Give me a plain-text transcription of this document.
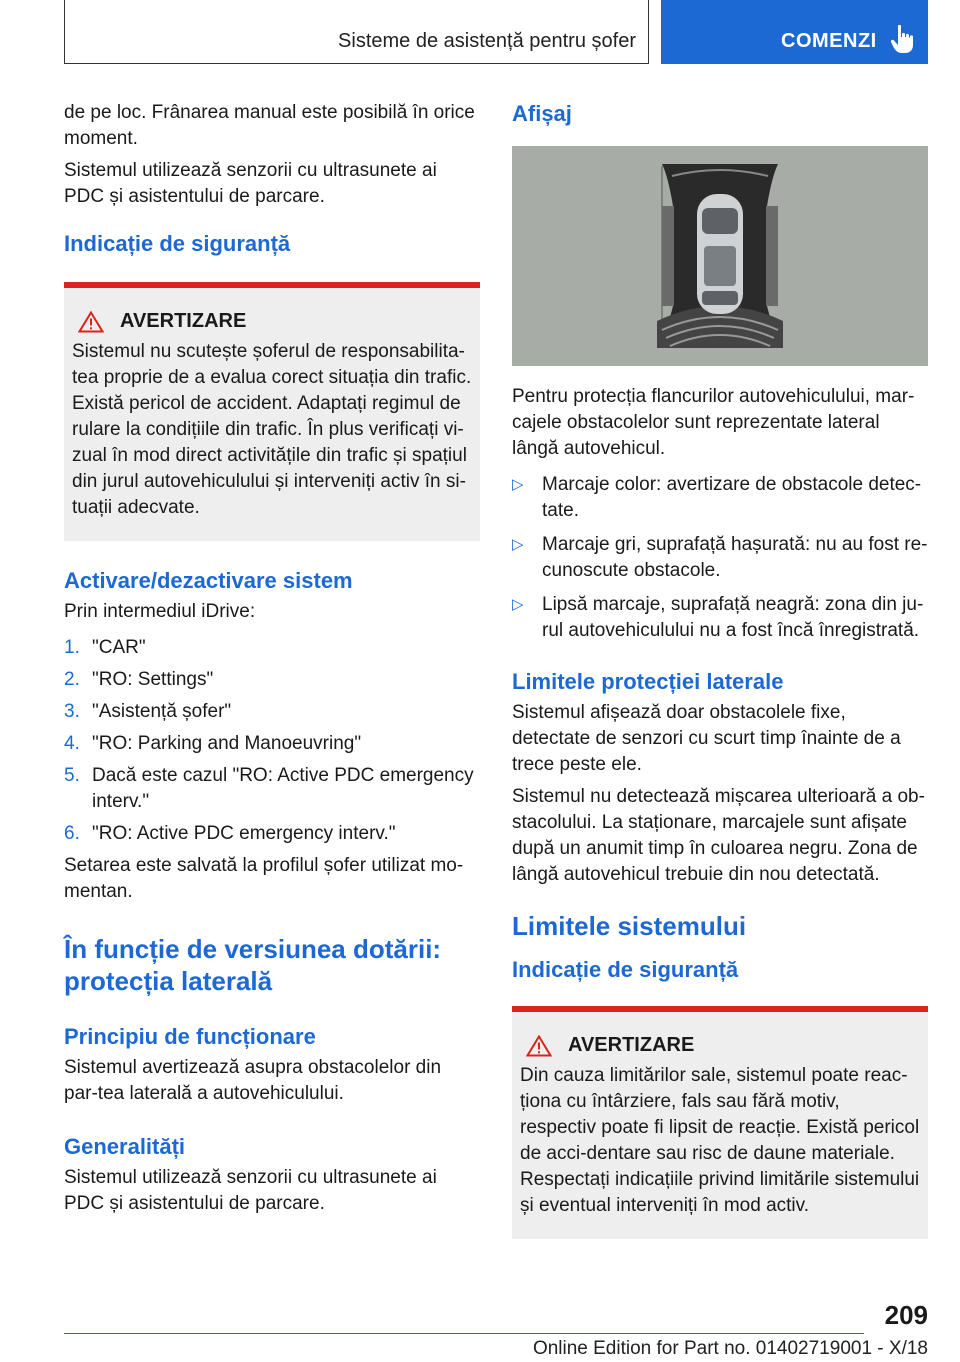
Sisteme de asistență pentru șofer	COMENZI

de pe loc. Frânarea manual este posibilă în orice moment.

Sistemul utilizează senzorii cu ultrasunete ai PDC și asistentului de parcare.

Indicație de siguranță
AVERTIZARE

Sistemul nu scutește șoferul de responsabilita-tea proprie de a evalua corect situația din trafic. Există pericol de accident. Adaptați regimul de rulare la condițiile din trafic. În plus verificați vi-zual în mod direct activitățile din trafic și spațiul din jurul autovehiculului și interveniți activ în si-tuații adecvate.

Activare/dezactivare sistem

Prin intermediul iDrive:

1. "CAR"
2. "RO: Settings"
3. "Asistență șofer"
4. "RO: Parking and Manoeuvring"
5. Dacă este cazul "RO: Active PDC emergency interv."
6. "RO: Active PDC emergency interv."

Setarea este salvată la profilul șofer utilizat mo-mentan.

În funcție de versiunea dotării: protecția laterală
Principiu de funcționare

Sistemul avertizează asupra obstacolelor din par-tea laterală a autovehiculului.

Generalități

Sistemul utilizează senzorii cu ultrasunete ai PDC și asistentului de parcare.

Afișaj

Pentru protecția flancurilor autovehiculului, mar-cajele obstacolelor sunt reprezentate lateral lângă autovehicul.

▷ Marcaje color: avertizare de obstacole detec-tate.
▷ Marcaje gri, suprafață hașurată: nu au fost re-cunoscute obstacole.
▷ Lipsă marcaje, suprafață neagră: zona din ju-rul autovehiculului nu a fost încă înregistrată.
Limitele protecției laterale

Sistemul afișează doar obstacolele fixe, detectate de senzori cu scurt timp înainte de a trece peste ele.

Sistemul nu detectează mișcarea ulterioară a ob-stacolului. La staționare, marcajele sunt afișate după un anumit timp în culoarea negru. Zona de lângă autovehicul trebuie din nou detectată.

Limitele sistemului
Indicație de siguranță
AVERTIZARE

Din cauza limitărilor sale, sistemul poate reac-ționa cu întârziere, fals sau fără motiv, respectiv poate fi lipsit de reacție. Există pericol de acci-dentare sau risc de daune materiale. Respectați indicațiile privind limitările sistemului și eventual interveniți în mod activ.

209
Online Edition for Part no. 01402719001 - X/18
